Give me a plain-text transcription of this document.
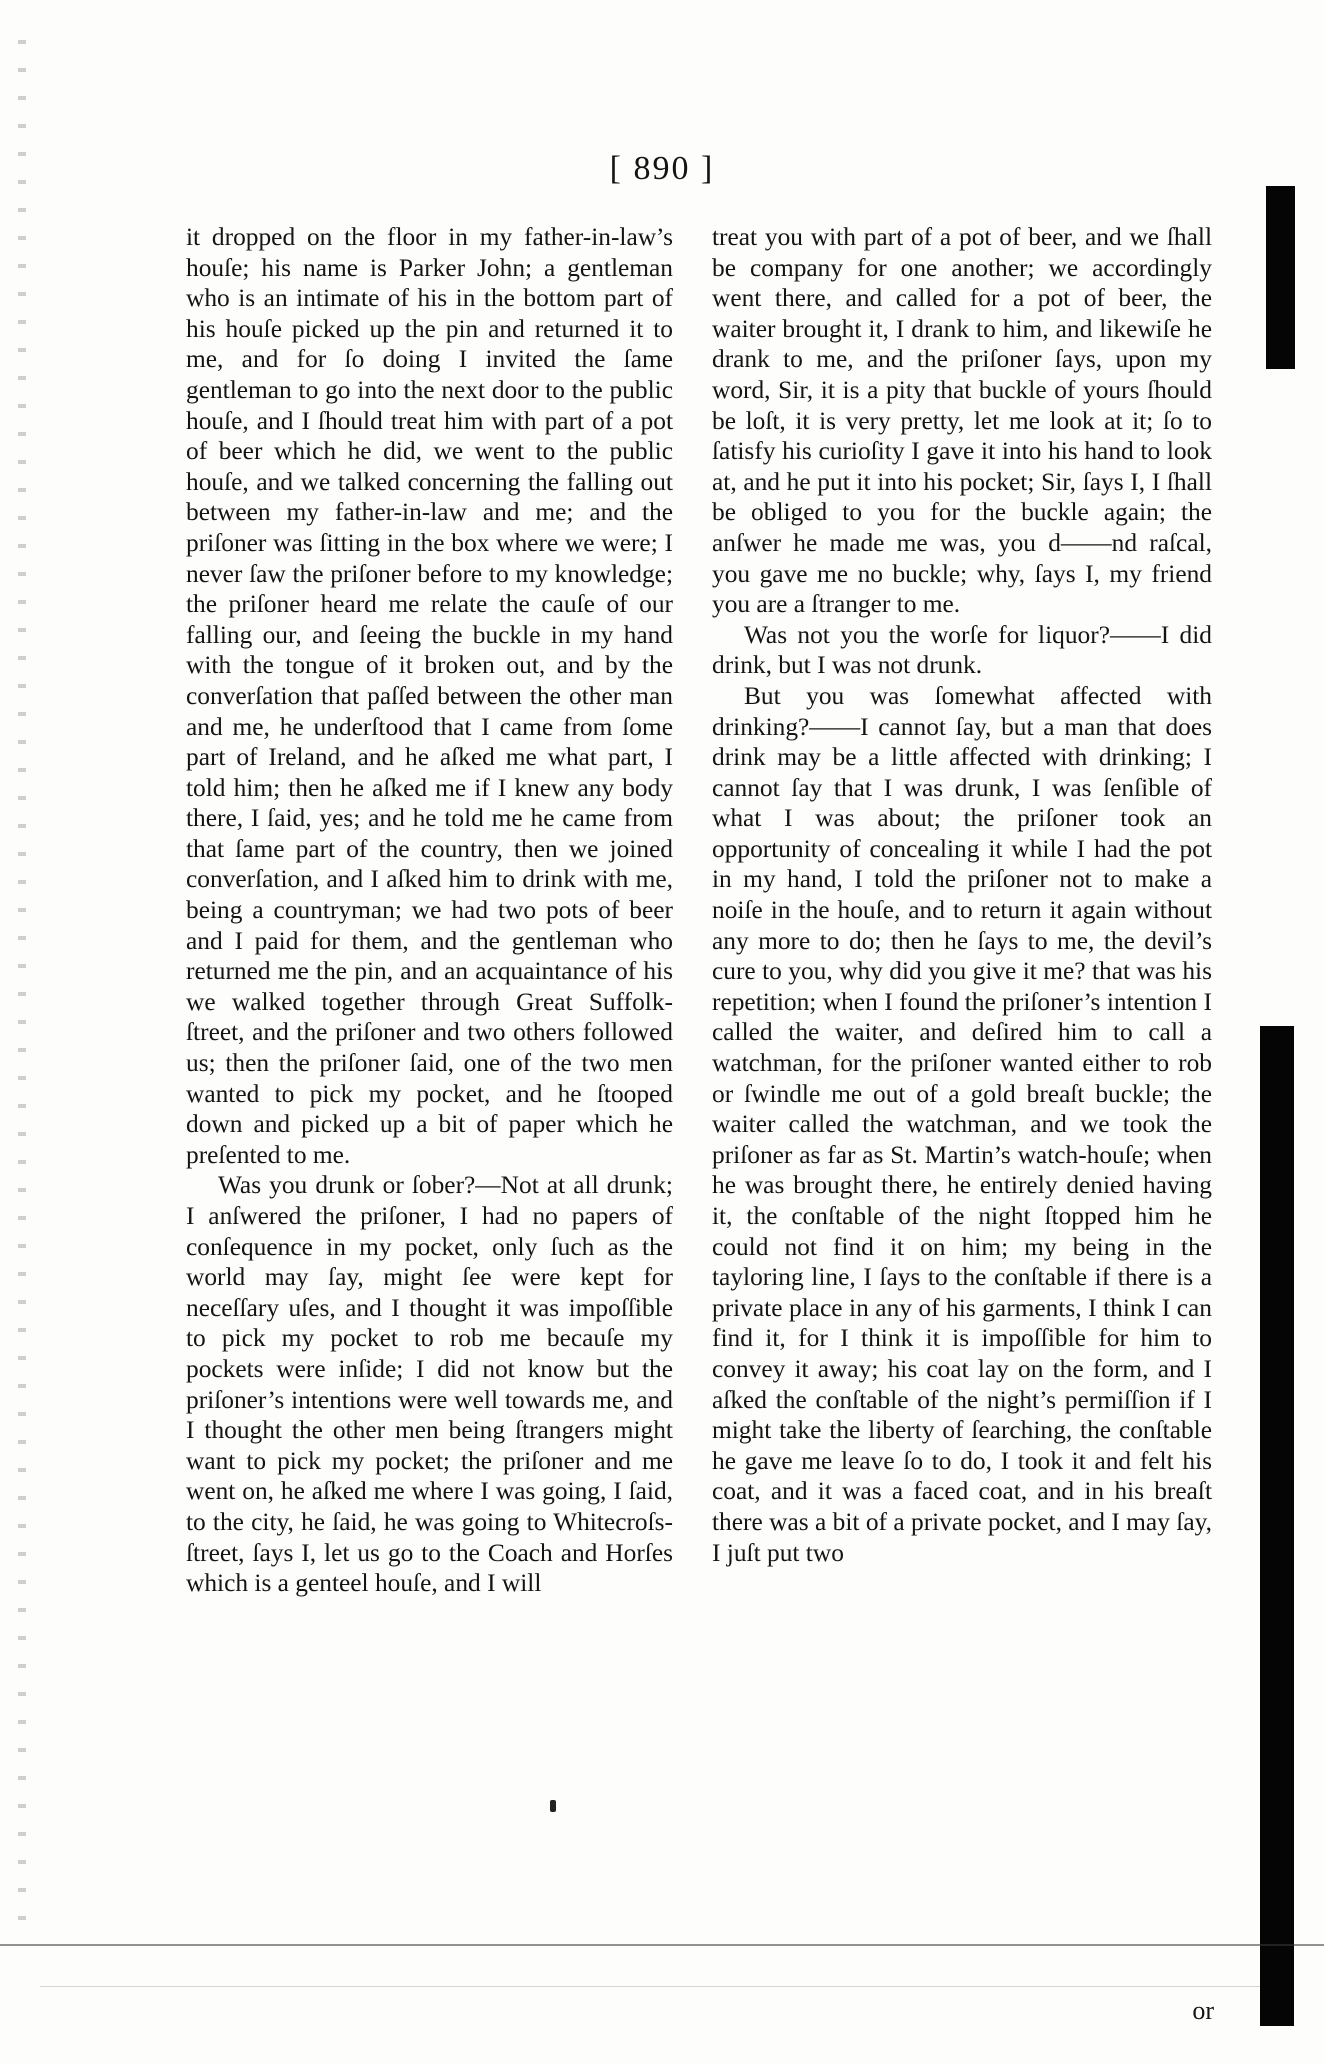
[ 890 ]

it dropped on the floor in my father-in-law’s houſe; his name is Parker John; a gentleman who is an intimate of his in the bottom part of his houſe picked up the pin and returned it to me, and for ſo doing I invited the ſame gentleman to go into the next door to the public houſe, and I ſhould treat him with part of a pot of beer which he did, we went to the public houſe, and we talked concerning the falling out between my father-in-law and me; and the priſoner was ſitting in the box where we were; I never ſaw the priſoner before to my knowledge; the priſoner heard me relate the cauſe of our falling our, and ſeeing the buckle in my hand with the tongue of it broken out, and by the converſation that paſſed between the other man and me, he underſtood that I came from ſome part of Ireland, and he aſked me what part, I told him; then he aſked me if I knew any body there, I ſaid, yes; and he told me he came from that ſame part of the country, then we joined converſation, and I aſked him to drink with me, being a countryman; we had two pots of beer and I paid for them, and the gentleman who returned me the pin, and an acquaintance of his we walked together through Great Suffolk-ſtreet, and the priſoner and two others followed us; then the priſoner ſaid, one of the two men wanted to pick my pocket, and he ſtooped down and picked up a bit of paper which he preſented to me.

Was you drunk or ſober?—Not at all drunk; I anſwered the priſoner, I had no papers of conſequence in my pocket, only ſuch as the world may ſay, might ſee were kept for neceſſary uſes, and I thought it was impoſſible to pick my pocket to rob me becauſe my pockets were inſide; I did not know but the priſoner’s intentions were well towards me, and I thought the other men being ſtrangers might want to pick my pocket; the priſoner and me went on, he aſked me where I was going, I ſaid, to the city, he ſaid, he was going to Whitecroſs-ſtreet, ſays I, let us go to the Coach and Horſes which is a genteel houſe, and I will

treat you with part of a pot of beer, and we ſhall be company for one another; we accordingly went there, and called for a pot of beer, the waiter brought it, I drank to him, and likewiſe he drank to me, and the priſoner ſays, upon my word, Sir, it is a pity that buckle of yours ſhould be loſt, it is very pretty, let me look at it; ſo to ſatisfy his curioſity I gave it into his hand to look at, and he put it into his pocket; Sir, ſays I, I ſhall be obliged to you for the buckle again; the anſwer he made me was, you d——nd raſcal, you gave me no buckle; why, ſays I, my friend you are a ſtranger to me.

Was not you the worſe for liquor?——I did drink, but I was not drunk.

But you was ſomewhat affected with drinking?——I cannot ſay, but a man that does drink may be a little affected with drinking; I cannot ſay that I was drunk, I was ſenſible of what I was about; the priſoner took an opportunity of concealing it while I had the pot in my hand, I told the priſoner not to make a noiſe in the houſe, and to return it again without any more to do; then he ſays to me, the devil’s cure to you, why did you give it me? that was his repetition; when I found the priſoner’s intention I called the waiter, and deſired him to call a watchman, for the priſoner wanted either to rob or ſwindle me out of a gold breaſt buckle; the waiter called the watchman, and we took the priſoner as far as St. Martin’s watch-houſe; when he was brought there, he entirely denied having it, the conſtable of the night ſtopped him he could not find it on him; my being in the tayloring line, I ſays to the conſtable if there is a private place in any of his garments, I think I can find it, for I think it is impoſſible for him to convey it away; his coat lay on the form, and I aſked the conſtable of the night’s permiſſion if I might take the liberty of ſearching, the conſtable he gave me leave ſo to do, I took it and felt his coat, and it was a faced coat, and in his breaſt there was a bit of a private pocket, and I may ſay, I juſt put two

or
